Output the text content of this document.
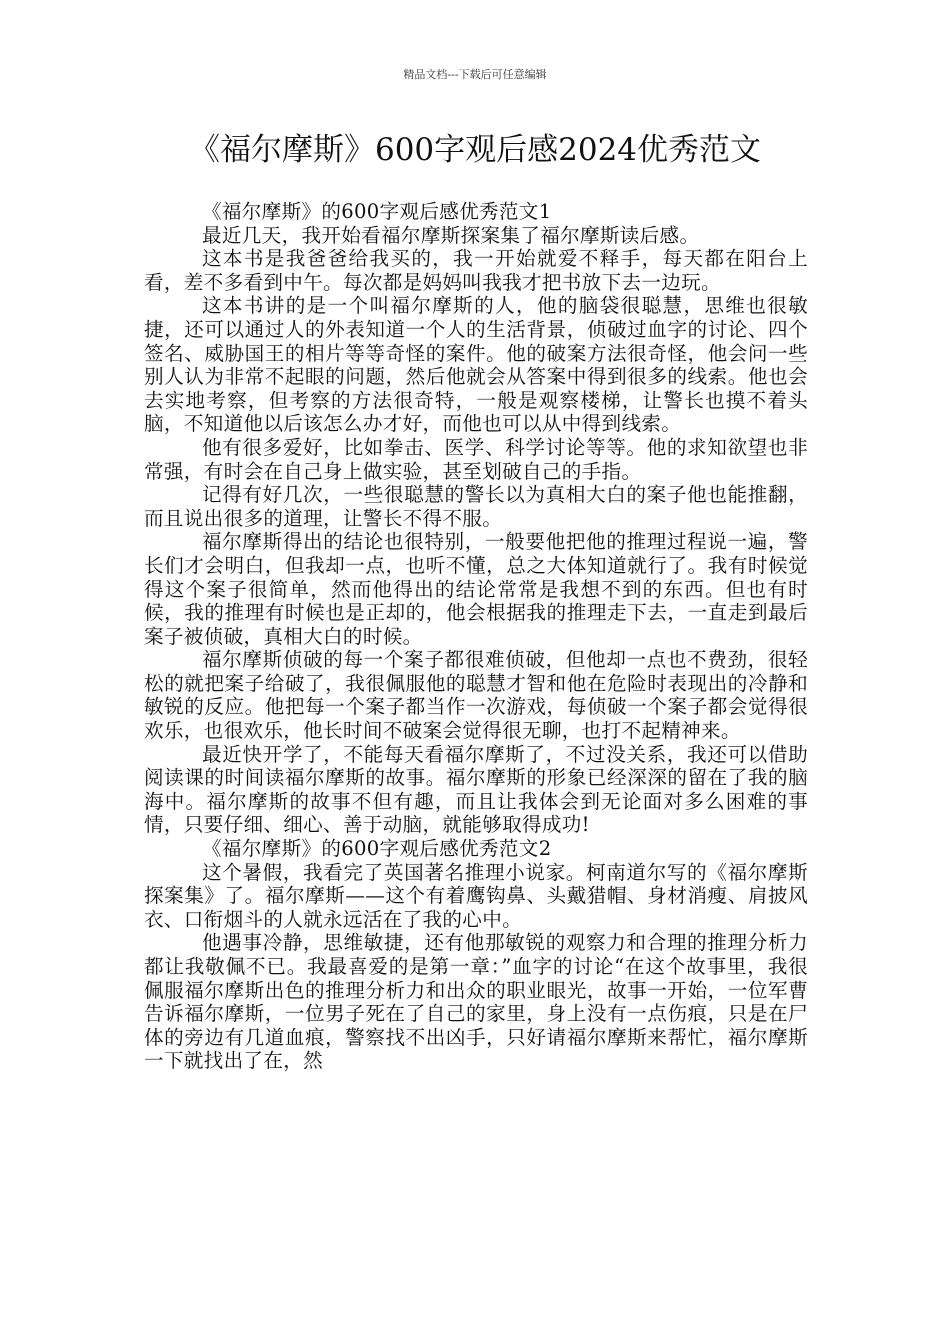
精品文档---下载后可任意编辑
《福尔摩斯》600字观后感2024优秀范文

《福尔摩斯》的600字观后感优秀范文1

最近几天，我开始看福尔摩斯探案集了福尔摩斯读后感。

这本书是我爸爸给我买的，我一开始就爱不释手，每天都在阳台上看，差不多看到中午。每次都是妈妈叫我我才把书放下去一边玩。

这本书讲的是一个叫福尔摩斯的人，他的脑袋很聪慧，思维也很敏捷，还可以通过人的外表知道一个人的生活背景，侦破过血字的讨论、四个签名、威胁国王的相片等等奇怪的案件。他的破案方法很奇怪，他会问一些别人认为非常不起眼的问题，然后他就会从答案中得到很多的线索。他也会去实地考察，但考察的方法很奇特，一般是观察楼梯，让警长也摸不着头脑，不知道他以后该怎么办才好，而他也可以从中得到线索。

他有很多爱好，比如拳击、医学、科学讨论等等。他的求知欲望也非常强，有时会在自己身上做实验，甚至划破自己的手指。

记得有好几次，一些很聪慧的警长以为真相大白的案子他也能推翻，而且说出很多的道理，让警长不得不服。

福尔摩斯得出的结论也很特别，一般要他把他的推理过程说一遍，警长们才会明白，但我却一点，也听不懂，总之大体知道就行了。我有时候觉得这个案子很简单，然而他得出的结论常常是我想不到的东西。但也有时候，我的推理有时候也是正却的，他会根据我的推理走下去，一直走到最后案子被侦破，真相大白的时候。

福尔摩斯侦破的每一个案子都很难侦破，但他却一点也不费劲，很轻松的就把案子给破了，我很佩服他的聪慧才智和他在危险时表现出的冷静和敏锐的反应。他把每一个案子都当作一次游戏，每侦破一个案子都会觉得很欢乐，也很欢乐，他长时间不破案会觉得很无聊，也打不起精神来。

最近快开学了，不能每天看福尔摩斯了，不过没关系，我还可以借助阅读课的时间读福尔摩斯的故事。福尔摩斯的形象已经深深的留在了我的脑海中。福尔摩斯的故事不但有趣，而且让我体会到无论面对多么困难的事情，只要仔细、细心、善于动脑，就能够取得成功!

《福尔摩斯》的600字观后感优秀范文2

这个暑假，我看完了英国著名推理小说家。柯南道尔写的《福尔摩斯探案集》了。福尔摩斯——这个有着鹰钩鼻、头戴猎帽、身材消瘦、肩披风衣、口衔烟斗的人就永远活在了我的心中。

他遇事冷静，思维敏捷，还有他那敏锐的观察力和合理的推理分析力都让我敬佩不已。我最喜爱的是第一章：”血字的讨论“在这个故事里，我很佩服福尔摩斯出色的推理分析力和出众的职业眼光，故事一开始，一位军曹告诉福尔摩斯，一位男子死在了自己的家里，身上没有一点伤痕，只是在尸体的旁边有几道血痕，警察找不出凶手，只好请福尔摩斯来帮忙，福尔摩斯一下就找出了在，然
